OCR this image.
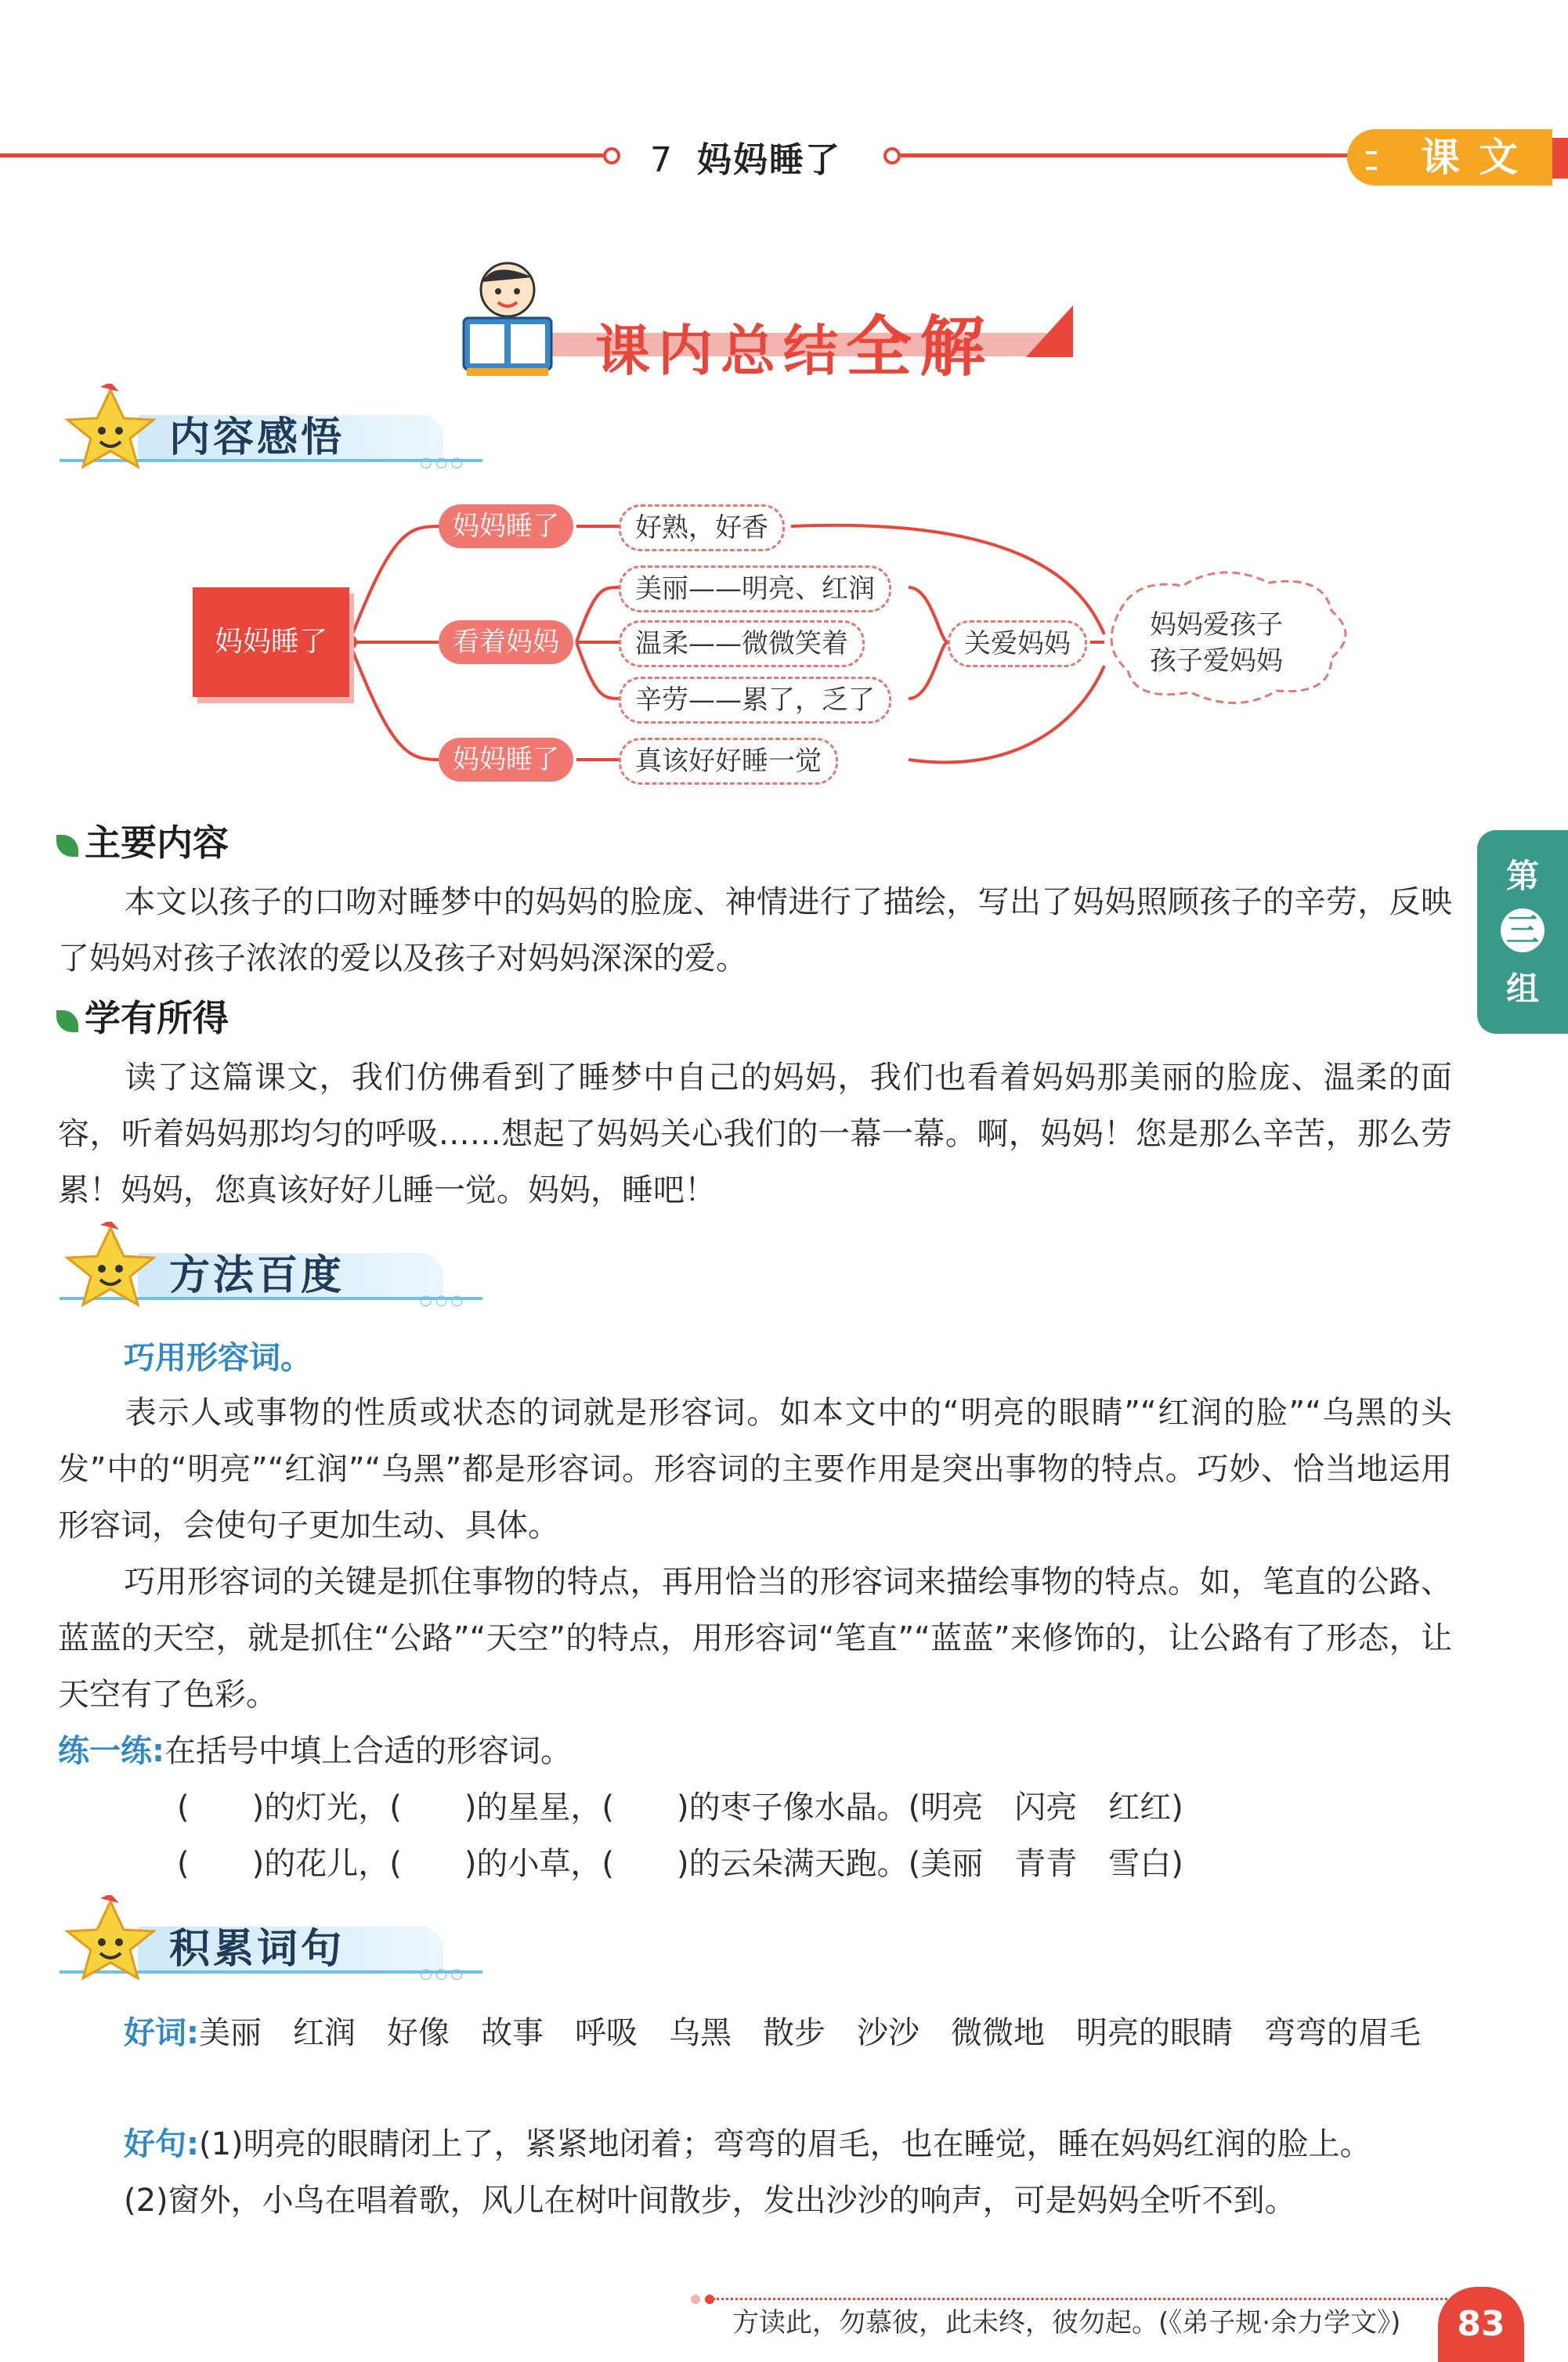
7 妈妈睡了	课文
课内总结全解
○○○
内容感悟
妈妈睡了
妈妈睡了	好熟，好香
看着妈妈
美丽——明亮、红润
温柔——微微笑着
辛劳——累了，乏了
妈妈睡了	真该好好睡一觉
关爱妈妈
妈妈爱孩子
孩子爱妈妈
主要内容
本文以孩子的口吻对睡梦中的妈妈的脸庞、神情进行了描绘，写出了妈妈照顾孩子的辛劳，反映了妈妈对孩子浓浓的爱以及孩子对妈妈深深的爱。
学有所得
读了这篇课文，我们仿佛看到了睡梦中自己的妈妈，我们也看着妈妈那美丽的脸庞、温柔的面容，听着妈妈那均匀的呼吸……想起了妈妈关心我们的一幕一幕。啊，妈妈！您是那么辛苦，那么劳累！妈妈，您真该好好儿睡一觉。妈妈，睡吧！
第
三
组
○○○
方法百度
巧用形容词。
表示人或事物的性质或状态的词就是形容词。如本文中的“明亮的眼睛”“红润的脸”“乌黑的头发”中的“明亮”“红润”“乌黑”都是形容词。形容词的主要作用是突出事物的特点。巧妙、恰当地运用形容词，会使句子更加生动、具体。
巧用形容词的关键是抓住事物的特点，再用恰当的形容词来描绘事物的特点。如，笔直的公路、蓝蓝的天空，就是抓住“公路”“天空”的特点，用形容词“笔直”“蓝蓝”来修饰的，让公路有了形态，让天空有了色彩。
练一练:在括号中填上合适的形容词。
(　　)的灯光，(　　)的星星，(　　)的枣子像水晶。(明亮　闪亮　红红)
(　　)的花儿，(　　)的小草，(　　)的云朵满天跑。(美丽　青青　雪白)
○○○
积累词句
好词:美丽　红润　好像　故事　呼吸　乌黑　散步　沙沙　微微地　明亮的眼睛　弯弯的眉毛
好句:(1)明亮的眼睛闭上了，紧紧地闭着；弯弯的眉毛，也在睡觉，睡在妈妈红润的脸上。
(2)窗外，小鸟在唱着歌，风儿在树叶间散步，发出沙沙的响声，可是妈妈全听不到。
方读此，勿慕彼，此未终，彼勿起。(《弟子规·余力学文》)	83
